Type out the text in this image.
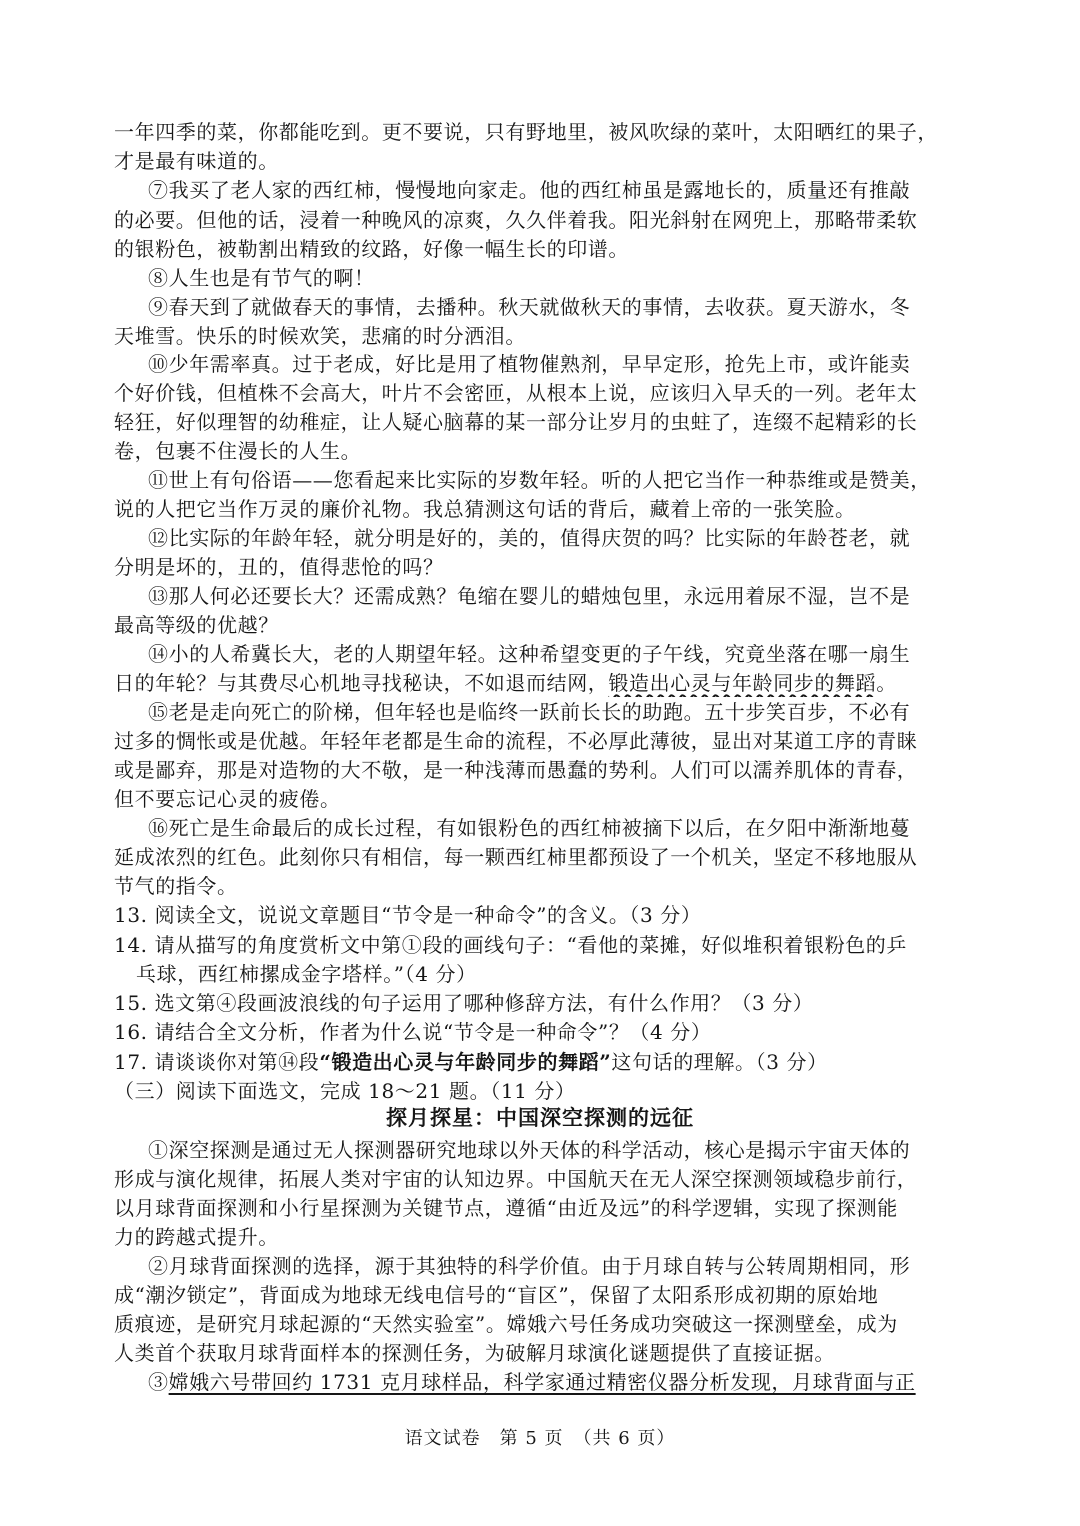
一年四季的菜，你都能吃到。更不要说，只有野地里，被风吹绿的菜叶，太阳晒红的果子，
才是最有味道的。
⑦我买了老人家的西红柿，慢慢地向家走。他的西红柿虽是露地长的，质量还有推敲
的必要。但他的话，浸着一种晚风的凉爽，久久伴着我。阳光斜射在网兜上，那略带柔软
的银粉色，被勒割出精致的纹路，好像一幅生长的印谱。
⑧人生也是有节气的啊！
⑨春天到了就做春天的事情，去播种。秋天就做秋天的事情，去收获。夏天游水，冬
天堆雪。快乐的时候欢笑，悲痛的时分洒泪。
⑩少年需率真。过于老成，好比是用了植物催熟剂，早早定形，抢先上市，或许能卖
个好价钱，但植株不会高大，叶片不会密匝，从根本上说，应该归入早夭的一列。老年太
轻狂，好似理智的幼稚症，让人疑心脑幕的某一部分让岁月的虫蛀了，连缀不起精彩的长
卷，包裹不住漫长的人生。
⑪世上有句俗语——您看起来比实际的岁数年轻。听的人把它当作一种恭维或是赞美，
说的人把它当作万灵的廉价礼物。我总猜测这句话的背后，藏着上帝的一张笑脸。
⑫比实际的年龄年轻，就分明是好的，美的，值得庆贺的吗？比实际的年龄苍老，就
分明是坏的，丑的，值得悲怆的吗？
⑬那人何必还要长大？还需成熟？龟缩在婴儿的蜡烛包里，永远用着尿不湿，岂不是
最高等级的优越？
⑭小的人希冀长大，老的人期望年轻。这种希望变更的子午线，究竟坐落在哪一扇生
日的年轮？与其费尽心机地寻找秘诀，不如退而结网，锻造出心灵与年龄同步的舞蹈。
⑮老是走向死亡的阶梯，但年轻也是临终一跃前长长的助跑。五十步笑百步，不必有
过多的惆怅或是优越。年轻年老都是生命的流程，不必厚此薄彼，显出对某道工序的青睐
或是鄙弃，那是对造物的大不敬，是一种浅薄而愚蠢的势利。人们可以濡养肌体的青春，
但不要忘记心灵的疲倦。
⑯死亡是生命最后的成长过程，有如银粉色的西红柿被摘下以后，在夕阳中渐渐地蔓
延成浓烈的红色。此刻你只有相信，每一颗西红柿里都预设了一个机关，坚定不移地服从
节气的指令。
13. 阅读全文，说说文章题目“节令是一种命令”的含义。（3 分）
14. 请从描写的角度赏析文中第①段的画线句子：“看他的菜摊，好似堆积着银粉色的乒
乓球，西红柿摞成金字塔样。”（4 分）
15. 选文第④段画波浪线的句子运用了哪种修辞方法，有什么作用？（3 分）
16. 请结合全文分析，作者为什么说“节令是一种命令”？（4 分）
17. 请谈谈你对第⑭段“锻造出心灵与年龄同步的舞蹈”这句话的理解。（3 分）
（三）阅读下面选文，完成 18～21 题。（11 分）
探月探星：中国深空探测的远征
①深空探测是通过无人探测器研究地球以外天体的科学活动，核心是揭示宇宙天体的
形成与演化规律，拓展人类对宇宙的认知边界。中国航天在无人深空探测领域稳步前行，
以月球背面探测和小行星探测为关键节点，遵循“由近及远”的科学逻辑，实现了探测能
力的跨越式提升。
②月球背面探测的选择，源于其独特的科学价值。由于月球自转与公转周期相同，形
成“潮汐锁定”，背面成为地球无线电信号的“盲区”，保留了太阳系形成初期的原始地
质痕迹，是研究月球起源的“天然实验室”。嫦娥六号任务成功突破这一探测壁垒，成为
人类首个获取月球背面样本的探测任务，为破解月球演化谜题提供了直接证据。
③嫦娥六号带回约 1731 克月球样品，科学家通过精密仪器分析发现，月球背面与正
语文试卷　第 5 页　（共 6 页）
